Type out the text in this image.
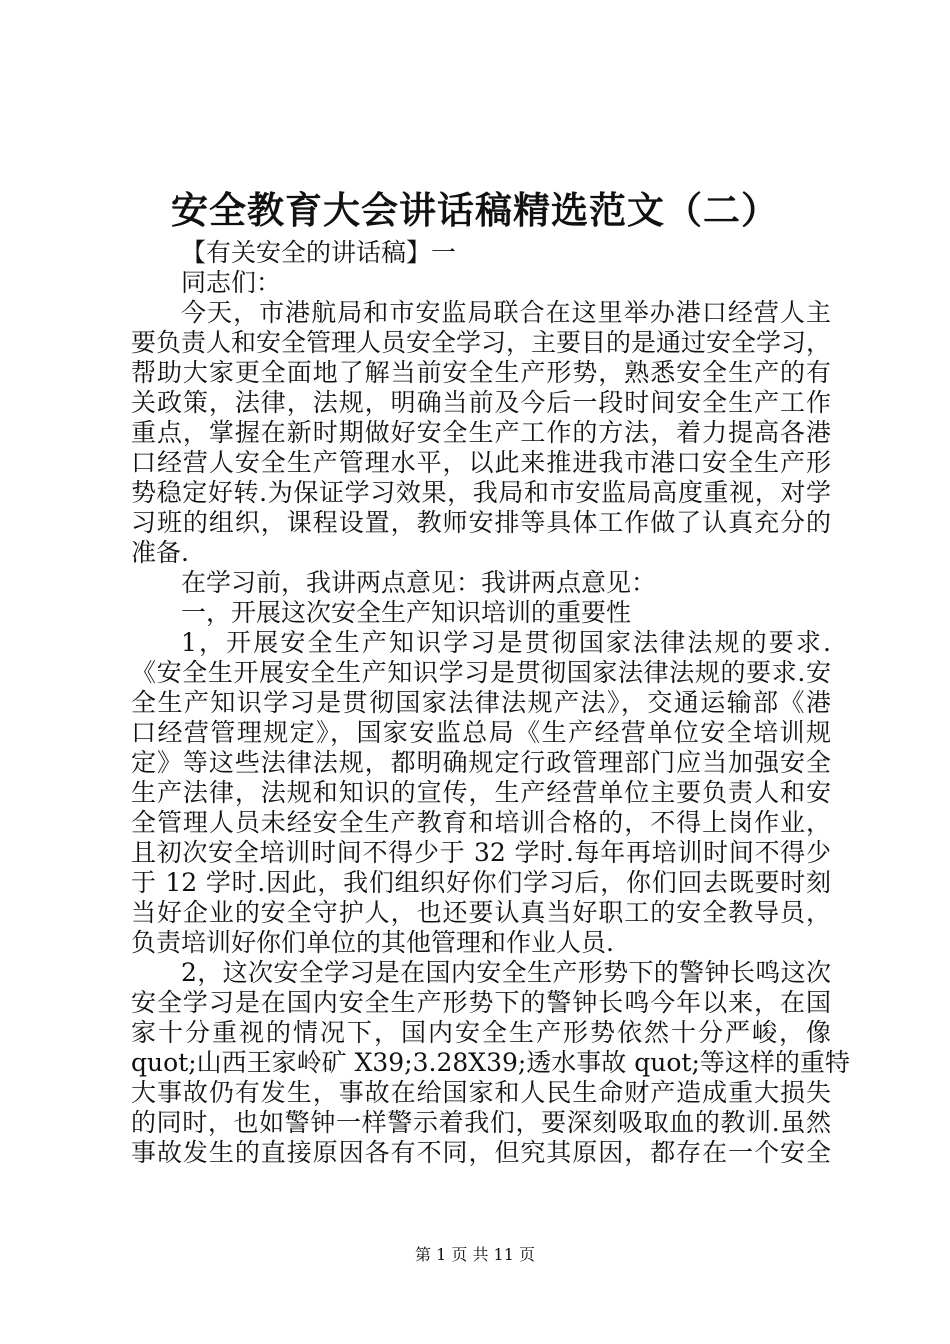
安全教育大会讲话稿精选范文（二）
【有关安全的讲话稿】一
同志们：
今天，市港航局和市安监局联合在这里举办港口经营人主
要负责人和安全管理人员安全学习，主要目的是通过安全学习，
帮助大家更全面地了解当前安全生产形势，熟悉安全生产的有
关政策，法律，法规，明确当前及今后一段时间安全生产工作
重点，掌握在新时期做好安全生产工作的方法，着力提高各港
口经营人安全生产管理水平，以此来推进我市港口安全生产形
势稳定好转.为保证学习效果，我局和市安监局高度重视，对学
习班的组织，课程设置，教师安排等具体工作做了认真充分的
准备.
在学习前，我讲两点意见：我讲两点意见：
一，开展这次安全生产知识培训的重要性
1，开展安全生产知识学习是贯彻国家法律法规的要求.
《安全生开展安全生产知识学习是贯彻国家法律法规的要求.安
全生产知识学习是贯彻国家法律法规产法》，交通运输部《港
口经营管理规定》，国家安监总局《生产经营单位安全培训规
定》等这些法律法规，都明确规定行政管理部门应当加强安全
生产法律，法规和知识的宣传，生产经营单位主要负责人和安
全管理人员未经安全生产教育和培训合格的，不得上岗作业，
且初次安全培训时间不得少于 32 学时.每年再培训时间不得少
于 12 学时.因此，我们组织好你们学习后，你们回去既要时刻
当好企业的安全守护人，也还要认真当好职工的安全教导员，
负责培训好你们单位的其他管理和作业人员.
2，这次安全学习是在国内安全生产形势下的警钟长鸣这次
安全学习是在国内安全生产形势下的警钟长鸣今年以来，在国
家十分重视的情况下，国内安全生产形势依然十分严峻，像
quot;山西王家岭矿 X39;3.28X39;透水事故 quot;等这样的重特
大事故仍有发生，事故在给国家和人民生命财产造成重大损失
的同时，也如警钟一样警示着我们，要深刻吸取血的教训.虽然
事故发生的直接原因各有不同，但究其原因，都存在一个安全
第 1 页 共 11 页
